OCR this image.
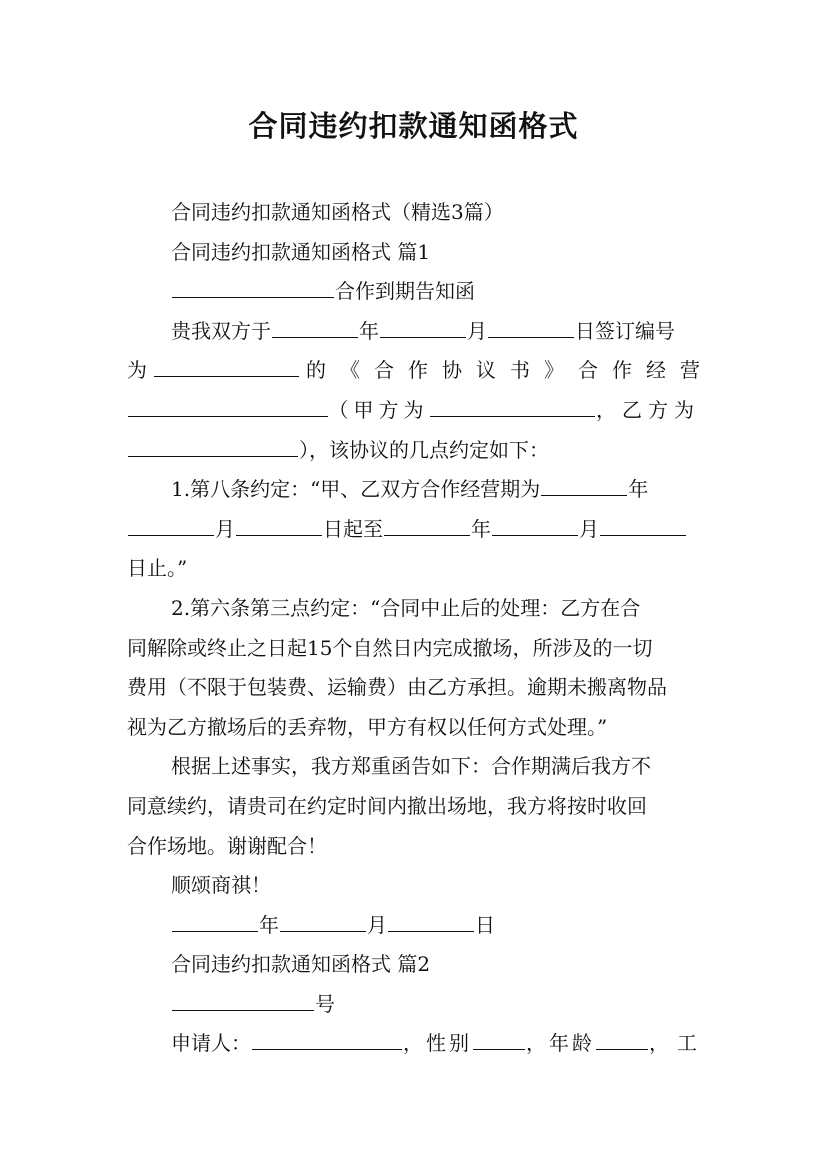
合同违约扣款通知函格式
合同违约扣款通知函格式（精选3篇）
合同违约扣款通知函格式 篇1
合作到期告知函
贵我双方于	年	月	日签订编号
为	的《合作协议书》合作经营
（甲方为	，乙方为
），该协议的几点约定如下：
1.第八条约定：“甲、乙双方合作经营期为	年
月	日起至	年	月
日止。”
2.第六条第三点约定：“合同中止后的处理：乙方在合
同解除或终止之日起15个自然日内完成撤场，所涉及的一切
费用（不限于包装费、运输费）由乙方承担。逾期未搬离物品
视为乙方撤场后的丢弃物，甲方有权以任何方式处理。”
根据上述事实，我方郑重函告如下：合作期满后我方不
同意续约，请贵司在约定时间内撤出场地，我方将按时收回
合作场地。谢谢配合！
顺颂商祺！
年	月	日
合同违约扣款通知函格式 篇2
号
申请人：	，性别	，年龄	，工
